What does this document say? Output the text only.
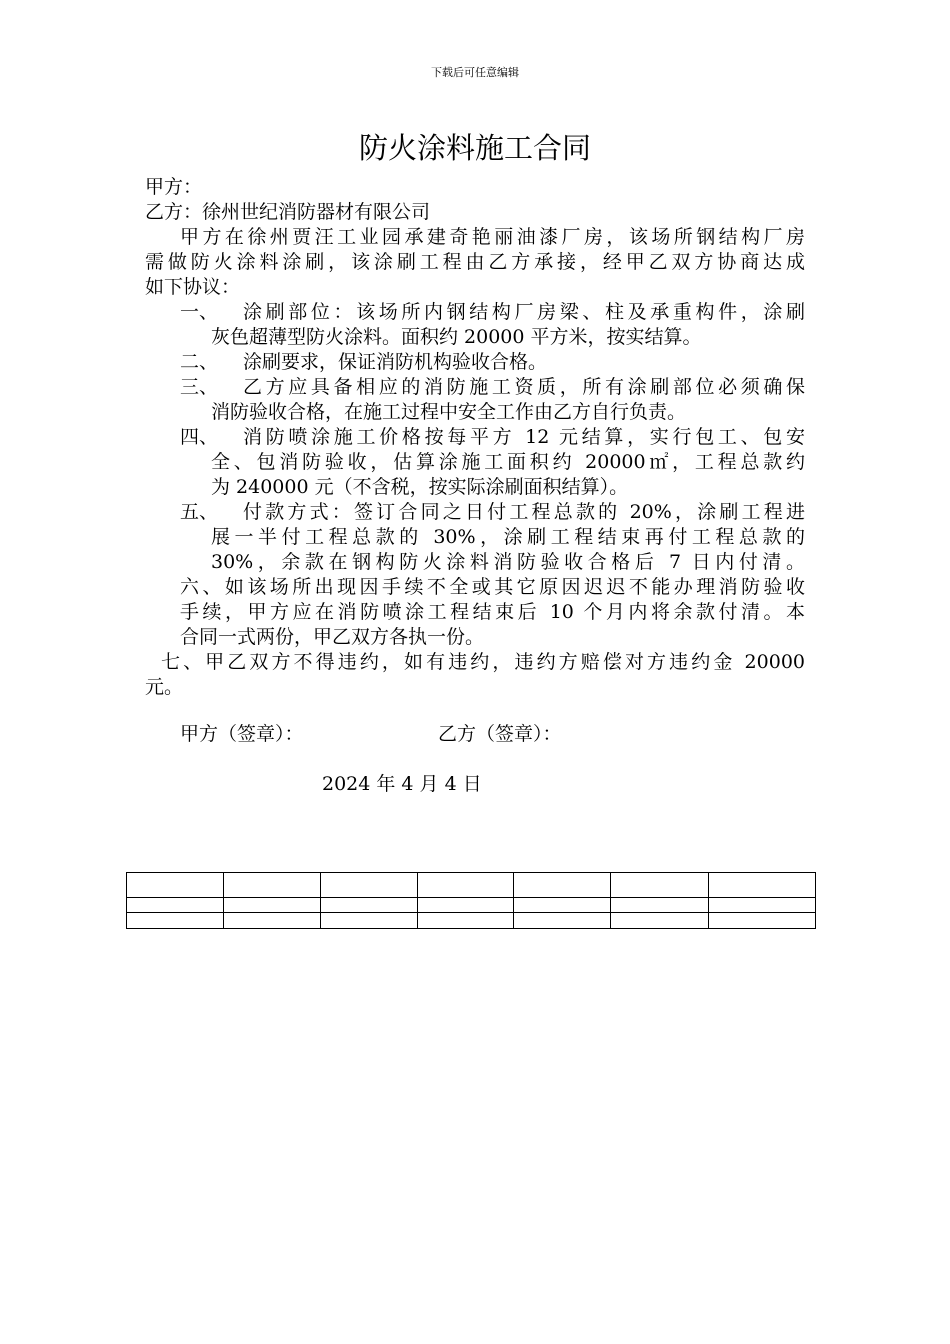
下载后可任意编辑
防火涂料施工合同
甲方：
乙方：徐州世纪消防器材有限公司
甲方在徐州贾汪工业园承建奇艳丽油漆厂房，该场所钢结构厂房
需做防火涂料涂刷，该涂刷工程由乙方承接，经甲乙双方协商达成
如下协议：
一、 涂刷部位：该场所内钢结构厂房梁、柱及承重构件，涂刷
灰色超薄型防火涂料。面积约 20000 平方米，按实结算。
二、 涂刷要求，保证消防机构验收合格。
三、 乙方应具备相应的消防施工资质，所有涂刷部位必须确保
消防验收合格，在施工过程中安全工作由乙方自行负责。
四、 消防喷涂施工价格按每平方 12 元结算，实行包工、包安
全、包消防验收，估算涂施工面积约 20000㎡，工程总款约
为 240000 元（不含税，按实际涂刷面积结算）。
五、 付款方式：签订合同之日付工程总款的 20%，涂刷工程进
展一半付工程总款的 30%，涂刷工程结束再付工程总款的
30%，余款在钢构防火涂料消防验收合格后 7 日内付清。
六、如该场所出现因手续不全或其它原因迟迟不能办理消防验收
手续，甲方应在消防喷涂工程结束后 10 个月内将余款付清。本
合同一式两份，甲乙双方各执一份。
七、甲乙双方不得违约，如有违约，违约方赔偿对方违约金 20000
元。
甲方（签章）：	乙方（签章）：
2024 年 4 月 4 日
